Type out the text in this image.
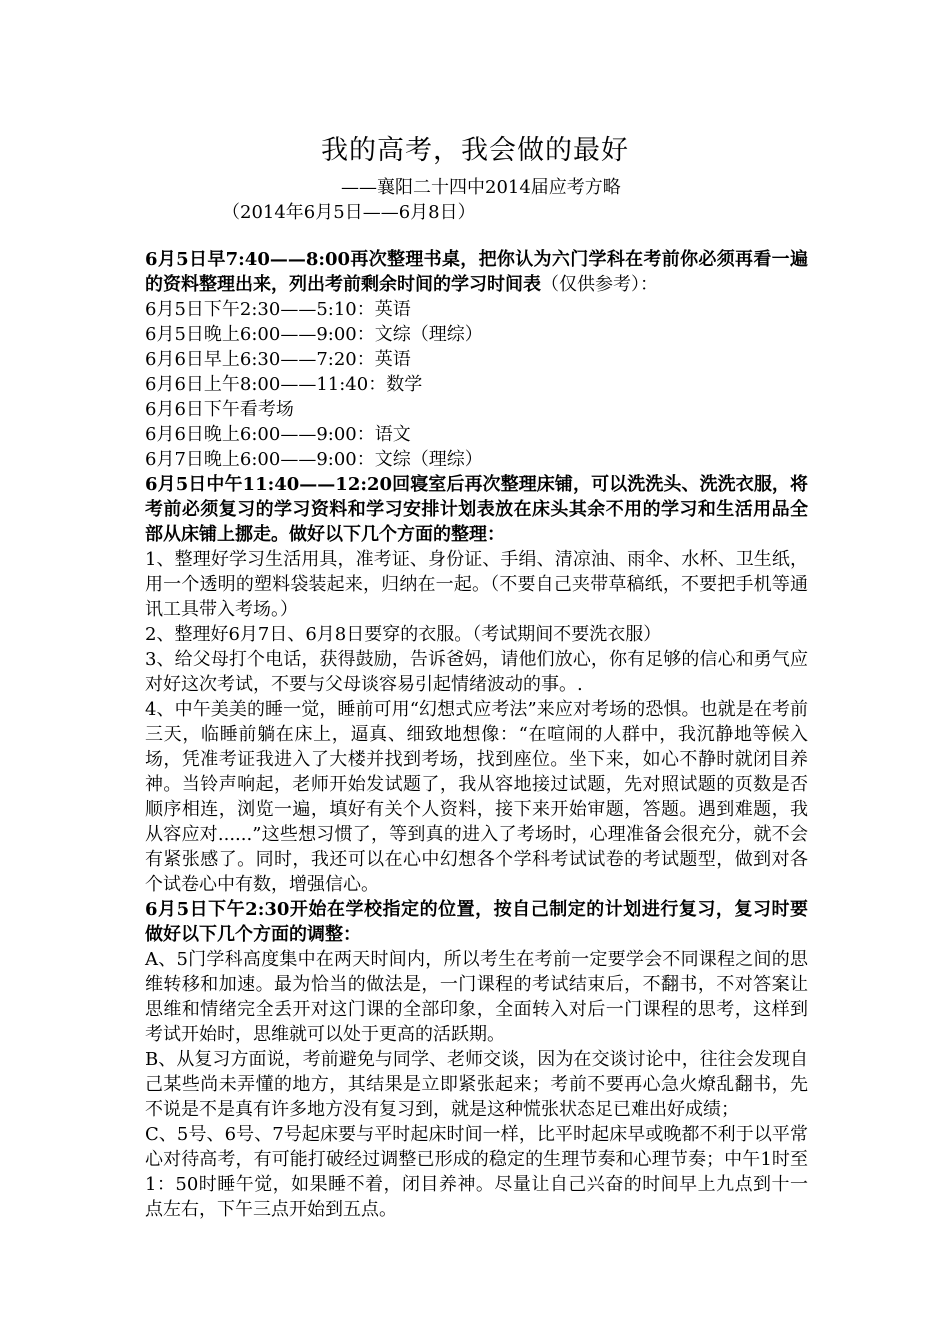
我的高考，我会做的最好
——襄阳二十四中2014届应考方略
（2014年6月5日——6月8日）

6月5日早7:40——8:00再次整理书桌，把你认为六门学科在考前你必须再看一遍的资料整理出来，列出考前剩余时间的学习时间表（仅供参考）：

6月5日下午2:30——5:10：英语

6月5日晚上6:00——9:00：文综（理综）

6月6日早上6:30——7:20：英语

6月6日上午8:00——11:40：数学

6月6日下午看考场

6月6日晚上6:00——9:00：语文

6月7日晚上6:00——9:00：文综（理综）

6月5日中午11:40——12:20回寝室后再次整理床铺，可以洗洗头、洗洗衣服，将考前必须复习的学习资料和学习安排计划表放在床头其余不用的学习和生活用品全部从床铺上挪走。做好以下几个方面的整理：

1、整理好学习生活用具，准考证、身份证、手绢、清凉油、雨伞、水杯、卫生纸，用一个透明的塑料袋装起来，归纳在一起。（不要自己夹带草稿纸，不要把手机等通讯工具带入考场。）

2、整理好6月7日、6月8日要穿的衣服。（考试期间不要洗衣服）

3、给父母打个电话，获得鼓励，告诉爸妈，请他们放心，你有足够的信心和勇气应对好这次考试，不要与父母谈容易引起情绪波动的事。.

4、中午美美的睡一觉，睡前可用“幻想式应考法”来应对考场的恐惧。也就是在考前三天，临睡前躺在床上，逼真、细致地想像：“在喧闹的人群中，我沉静地等候入场，凭准考证我进入了大楼并找到考场，找到座位。坐下来，如心不静时就闭目养神。当铃声响起，老师开始发试题了，我从容地接过试题，先对照试题的页数是否顺序相连，浏览一遍，填好有关个人资料，接下来开始审题，答题。遇到难题，我从容应对......”这些想习惯了，等到真的进入了考场时，心理准备会很充分，就不会有紧张感了。同时，我还可以在心中幻想各个学科考试试卷的考试题型，做到对各个试卷心中有数，增强信心。

6月5日下午2:30开始在学校指定的位置，按自己制定的计划进行复习，复习时要做好以下几个方面的调整：

A、5门学科高度集中在两天时间内，所以考生在考前一定要学会不同课程之间的思维转移和加速。最为恰当的做法是，一门课程的考试结束后，不翻书，不对答案让思维和情绪完全丢开对这门课的全部印象，全面转入对后一门课程的思考，这样到考试开始时，思维就可以处于更高的活跃期。

B、从复习方面说，考前避免与同学、老师交谈，因为在交谈讨论中，往往会发现自己某些尚未弄懂的地方，其结果是立即紧张起来；考前不要再心急火燎乱翻书，先不说是不是真有许多地方没有复习到，就是这种慌张状态足已难出好成绩；

C、5号、6号、7号起床要与平时起床时间一样，比平时起床早或晚都不利于以平常心对待高考，有可能打破经过调整已形成的稳定的生理节奏和心理节奏；中午1时至1：50时睡午觉，如果睡不着，闭目养神。尽量让自己兴奋的时间早上九点到十一点左右，下午三点开始到五点。
